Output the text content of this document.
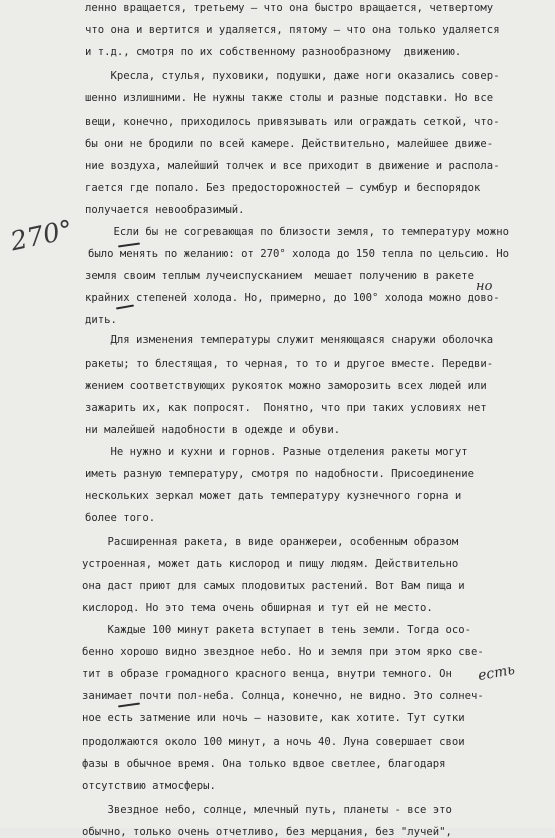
270°
но
есть
ленно вращается, третьему — что она быстро вращается, четвертому
что она и вертится и удаляется, пятому — что она только удаляется
и т.д., смотря по их собственному разнообразному  движению.
Кресла, стулья, пуховики, подушки, даже ноги оказались совер-
шенно излишними. Не нужны также столы и разные подставки. Но все
вещи, конечно, приходилось привязывать или ограждать сеткой, что-
бы они не бродили по всей камере. Действительно, малейшее движе-
ние воздуха, малейший толчек и все приходит в движение и распола-
гается где попало. Без предосторожностей — сумбур и беспорядок
получается невообразимый.
Если бы не согревающая по близости земля, то температуру можно
было менять по желанию: от 270° холода до 150 тепла по цельсию. Но
земля своим теплым лучеиспусканием  мешает получению в ракете
крайних степеней холода. Но, примерно, до 100° холода можно дово-
дить.
Для изменения температуры служит меняющаяся снаружи оболочка
ракеты; то блестящая, то черная, то то и другое вместе. Передви-
жением соответствующих рукояток можно заморозить всех людей или
зажарить их, как попросят.  Понятно, что при таких условиях нет
ни малейшей надобности в одежде и обуви.
Не нужно и кухни и горнов. Разные отделения ракеты могут
иметь разную температуру, смотря по надобности. Присоединение
нескольких зеркал может дать температуру кузнечного горна и
более того.
Расширенная ракета, в виде оранжереи, особенным образом
устроенная, может дать кислород и пищу людям. Действительно
она даст приют для самых плодовитых растений. Вот Вам пища и
кислород. Но это тема очень обширная и тут ей не место.
Каждые 100 минут ракета вступает в тень земли. Тогда осо-
бенно хорошо видно звездное небо. Но и земля при этом ярко све-
тит в образе громадного красного венца, внутри темного. Он
занимает почти пол-неба. Солнца, конечно, не видно. Это солнеч-
ное есть затмение или ночь — назовите, как хотите. Тут сутки
продолжаются около 100 минут, а ночь 40. Луна совершает свои
фазы в обычное время. Она только вдвое светлее, благодаря
отсутствию атмосферы.
Звездное небо, солнце, млечный путь, планеты - все это
обычно, только очень отчетливо, без мерцания, без "лучей",
